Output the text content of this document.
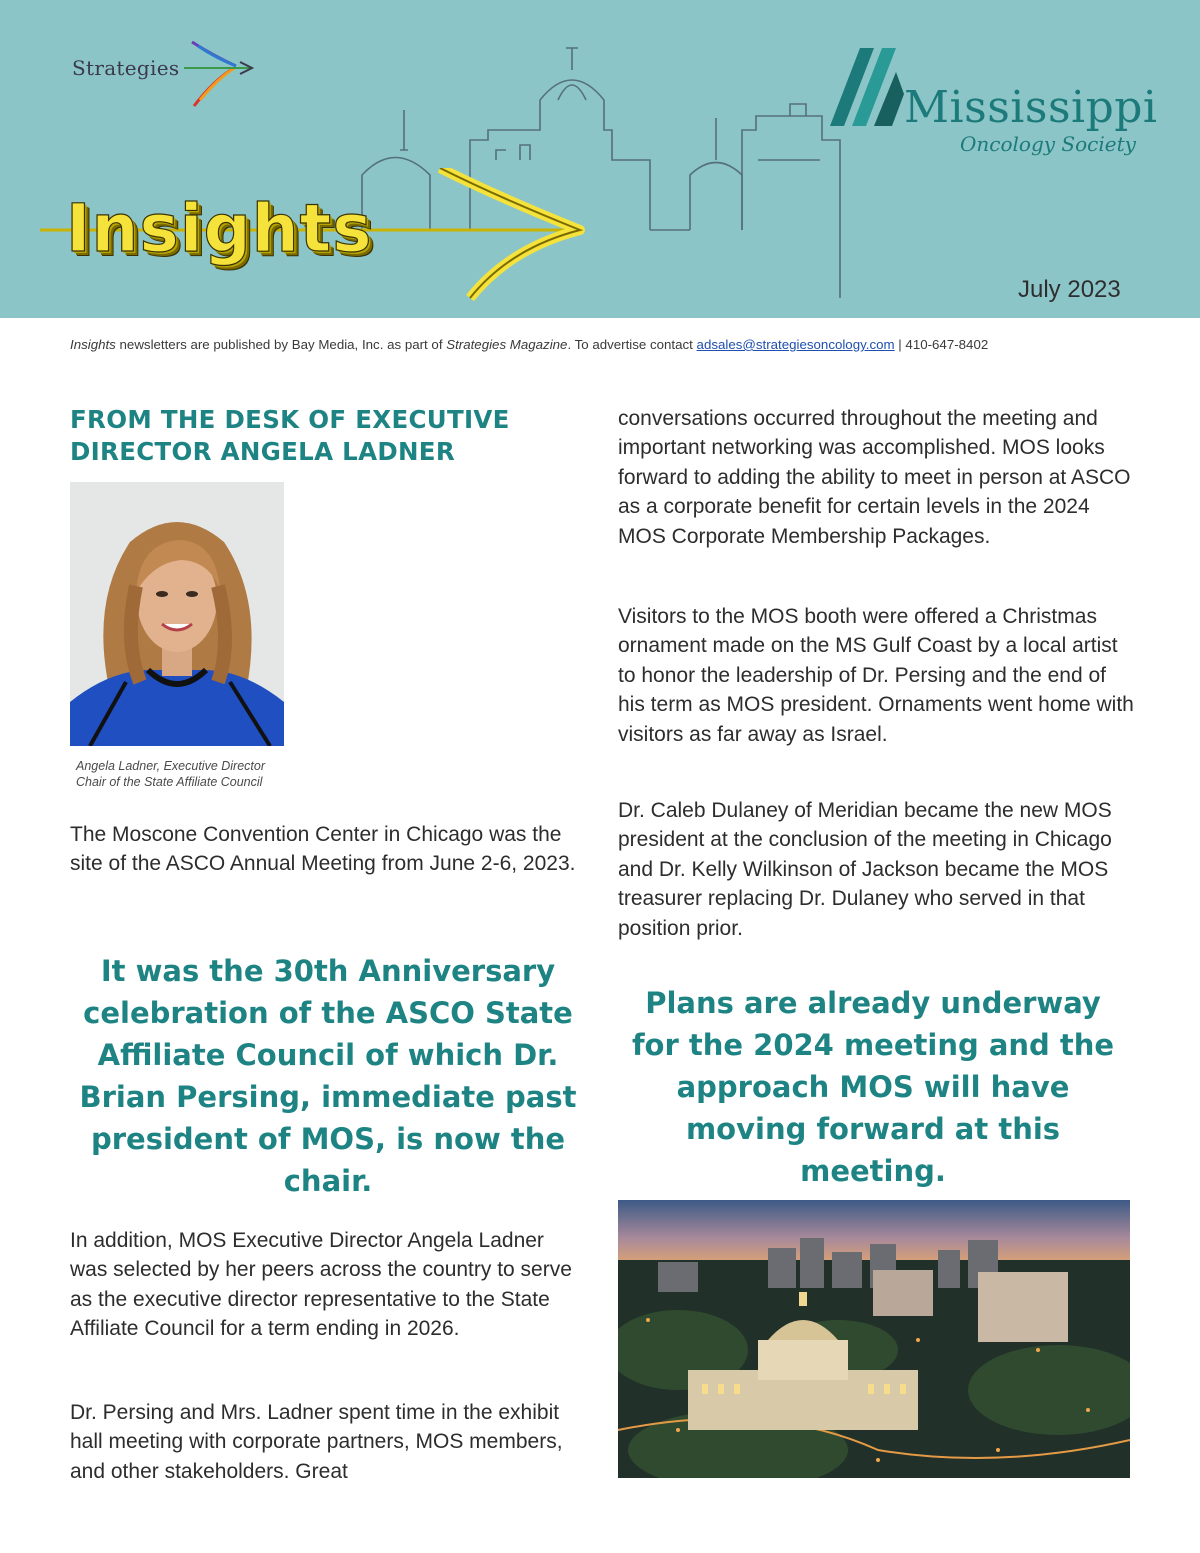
Strategies
Insights
Mississippi
Oncology Society
July 2023
Insights newsletters are published by Bay Media, Inc. as part of Strategies Magazine. To advertise contact adsales@strategiesoncology.com | 410-647-8402
FROM THE DESK OF EXECUTIVE DIRECTOR ANGELA LADNER
Angela Ladner, Executive Director
Chair of the State Affiliate Council

The Moscone Convention Center in Chicago was the site of the ASCO Annual Meeting from June 2-6, 2023.

It was the 30th Anniversary celebration of the ASCO State Affiliate Council of which Dr. Brian Persing, immediate past president of MOS, is now the chair.

In addition, MOS Executive Director Angela Ladner was selected by her peers across the country to serve as the executive director representative to the State Affiliate Council for a term ending in 2026.

Dr. Persing and Mrs. Ladner spent time in the exhibit hall meeting with corporate partners, MOS members, and other stakeholders. Great

conversations occurred throughout the meeting and important networking was accomplished. MOS looks forward to adding the ability to meet in person at ASCO as a corporate benefit for certain levels in the 2024 MOS Corporate Membership Packages.

Visitors to the MOS booth were offered a Christmas ornament made on the MS Gulf Coast by a local artist to honor the leadership of Dr. Persing and the end of his term as MOS president. Ornaments went home with visitors as far away as Israel.

Dr. Caleb Dulaney of Meridian became the new MOS president at the conclusion of the meeting in Chicago and Dr. Kelly Wilkinson of Jackson became the MOS treasurer replacing Dr. Dulaney who served in that position prior.

Plans are already underway for the 2024 meeting and the approach MOS will have moving forward at this meeting.
